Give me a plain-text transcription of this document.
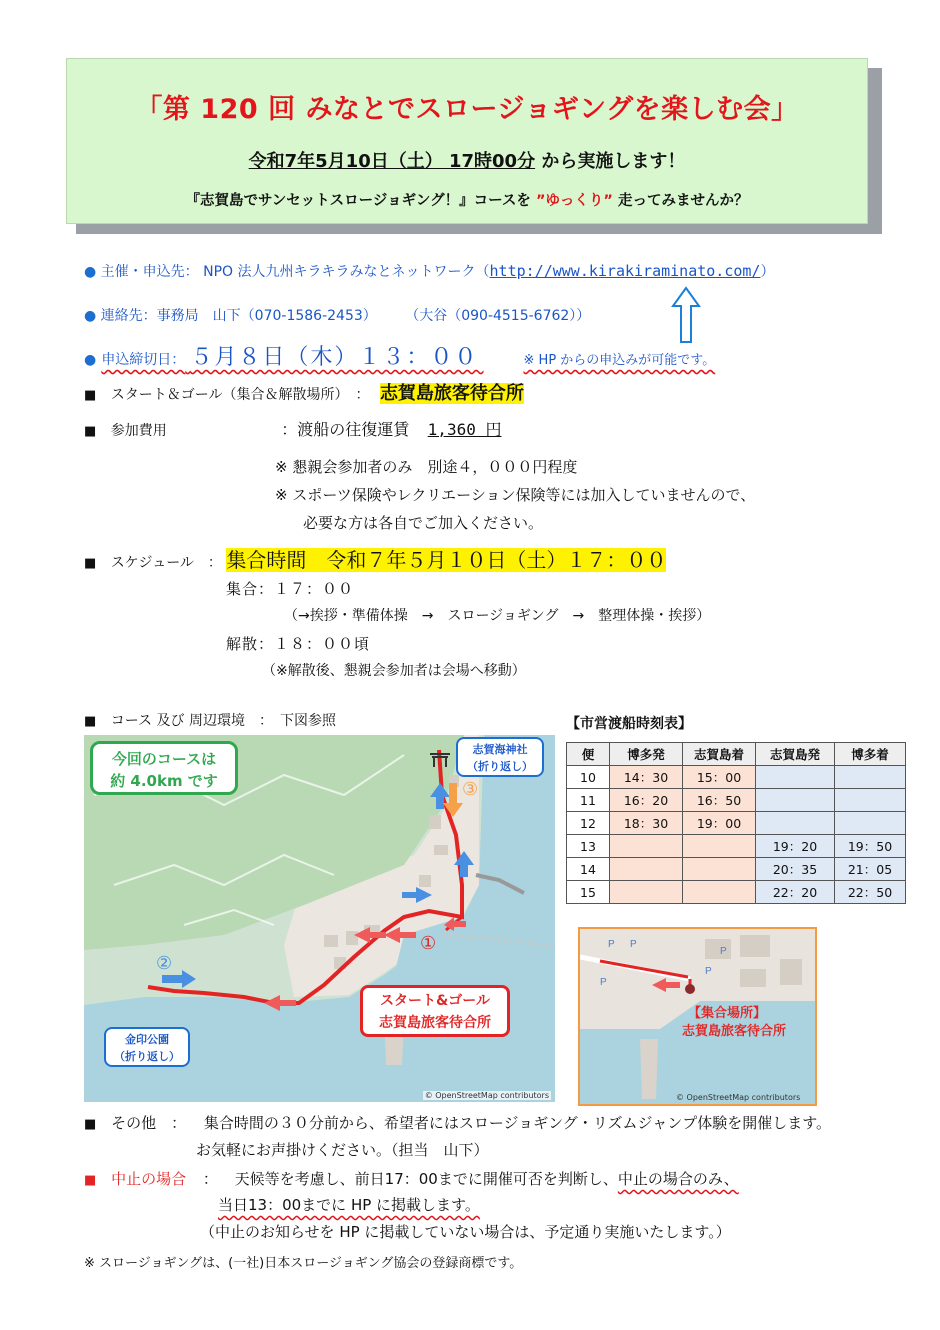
「第 120 回 みなとでスロージョギングを楽しむ会」
令和7年5月10日（土） 17時00分 から実施します！
『志賀島でサンセットスロージョギング！』コースを ”ゆっくり” 走ってみませんか？
● 主催・申込先： NPO 法人九州キラキラみなとネットワーク（http://www.kirakiraminato.com/）
● 連絡先：事務局　山下（070-1586-2453） （大谷（090-4515-6762））
● 申込締切日： ５月８日（木）１３：００	※ HP からの申込みが可能です。
■ スタート＆ゴール（集合＆解散場所）　： 志賀島旅客待合所
■ 参加費用	：渡船の往復運賃 1,360 円
※ 懇親会参加者のみ　別途４，０００円程度
※ スポーツ保険やレクリエーション保険等には加入していませんので、
必要な方は各自でご加入ください。
■ スケジュール　： 集合時間　令和７年５月１０日（土）１７：００
集合：１７：００
（→挨拶・準備体操　→　スロージョギング　→　整理体操・挨拶）
解散：１８：００頃
（※解散後、懇親会参加者は会場へ移動）
■ コース 及び 周辺環境　：　下図参照
今回のコースは
約 4.0km です
志賀海神社
（折り返し）
金印公園
（折り返し）
スタート&ゴール
志賀島旅客待合所
①
②
③
© OpenStreetMap contributors
【市営渡船時刻表】
便	博多発	志賀島着	志賀島発	博多着
10	14：30	15：00		
11	16：20	16：50		
12	18：30	19：00		
13			19：20	19：50
14			20：35	21：05
15			22：20	22：50
P P
P
P
P
【集合場所】
志賀島旅客待合所
© OpenStreetMap contributors
■ その他　： 集合時間の３０分前から、希望者にはスロージョギング・リズムジャンプ体験を開催します。
お気軽にお声掛けください。（担当　山下）
■ 中止の場合 ： 天候等を考慮し、前日17：00までに開催可否を判断し、中止の場合のみ、
当日13：00までに HP に掲載します。
（中止のお知らせを HP に掲載していない場合は、予定通り実施いたします。）
※ スロージョギングは、(一社)日本スロージョギング協会の登録商標です。
